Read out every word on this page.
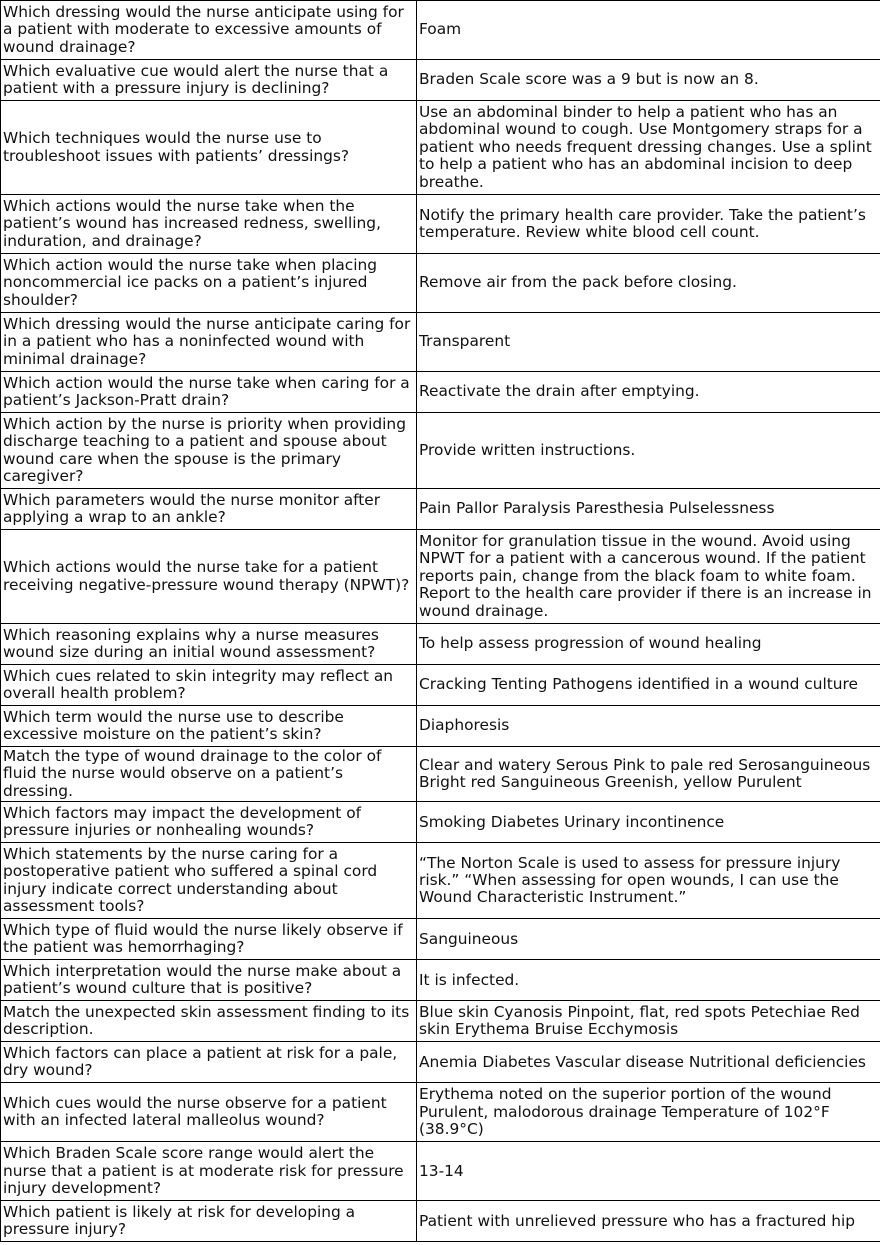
Which dressing would the nurse anticipate using for a patient with moderate to excessive amounts of wound drainage?	Foam
Which evaluative cue would alert the nurse that a patient with a pressure injury is declining?	Braden Scale score was a 9 but is now an 8.
Which techniques would the nurse use to troubleshoot issues with patients’ dressings?	Use an abdominal binder to help a patient who has an abdominal wound to cough. Use Montgomery straps for a patient who needs frequent dressing changes. Use a splint to help a patient who has an abdominal incision to deep breathe.
Which actions would the nurse take when the patient’s wound has increased redness, swelling, induration, and drainage?	Notify the primary health care provider. Take the patient’s temperature. Review white blood cell count.
Which action would the nurse take when placing noncommercial ice packs on a patient’s injured shoulder?	Remove air from the pack before closing.
Which dressing would the nurse anticipate caring for in a patient who has a noninfected wound with minimal drainage?	Transparent
Which action would the nurse take when caring for a patient’s Jackson-Pratt drain?	Reactivate the drain after emptying.
Which action by the nurse is priority when providing discharge teaching to a patient and spouse about wound care when the spouse is the primary caregiver?	Provide written instructions.
Which parameters would the nurse monitor after applying a wrap to an ankle?	Pain Pallor Paralysis Paresthesia Pulselessness
Which actions would the nurse take for a patient receiving negative-pressure wound therapy (NPWT)?	Monitor for granulation tissue in the wound. Avoid using NPWT for a patient with a cancerous wound. If the patient reports pain, change from the black foam to white foam. Report to the health care provider if there is an increase in wound drainage.
Which reasoning explains why a nurse measures wound size during an initial wound assessment?	To help assess progression of wound healing
Which cues related to skin integrity may reflect an overall health problem?	Cracking Tenting Pathogens identified in a wound culture
Which term would the nurse use to describe excessive moisture on the patient’s skin?	Diaphoresis
Match the type of wound drainage to the color of fluid the nurse would observe on a patient’s dressing.	Clear and watery Serous Pink to pale red Serosanguineous Bright red Sanguineous Greenish, yellow Purulent
Which factors may impact the development of pressure injuries or nonhealing wounds?	Smoking Diabetes Urinary incontinence
Which statements by the nurse caring for a postoperative patient who suffered a spinal cord injury indicate correct understanding about assessment tools?	“The Norton Scale is used to assess for pressure injury risk.” “When assessing for open wounds, I can use the Wound Characteristic Instrument.”
Which type of fluid would the nurse likely observe if the patient was hemorrhaging?	Sanguineous
Which interpretation would the nurse make about a patient’s wound culture that is positive?	It is infected.
Match the unexpected skin assessment finding to its description.	Blue skin Cyanosis Pinpoint, flat, red spots Petechiae Red skin Erythema Bruise Ecchymosis
Which factors can place a patient at risk for a pale, dry wound?	Anemia Diabetes Vascular disease Nutritional deficiencies
Which cues would the nurse observe for a patient with an infected lateral malleolus wound?	Erythema noted on the superior portion of the wound Purulent, malodorous drainage Temperature of 102°F (38.9°C)
Which Braden Scale score range would alert the nurse that a patient is at moderate risk for pressure injury development?	13-14
Which patient is likely at risk for developing a pressure injury?	Patient with unrelieved pressure who has a fractured hip
